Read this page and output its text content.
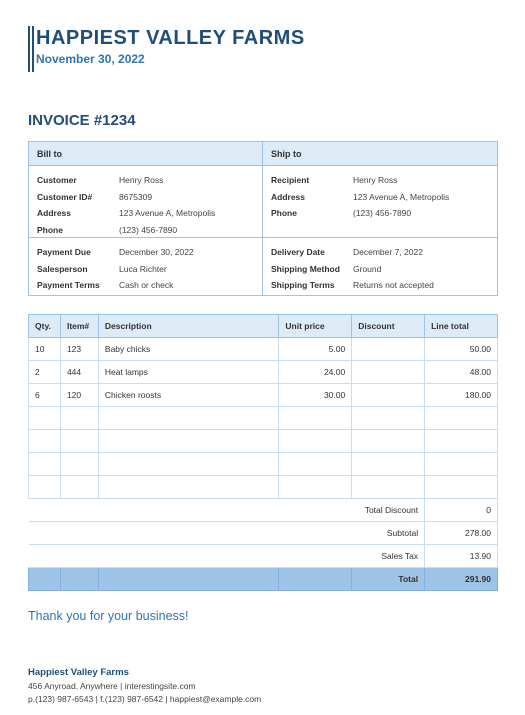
HAPPIEST VALLEY FARMS
November 30, 2022
INVOICE #1234
Bill to	Ship to
Customer	Henry Ross
Customer ID#	8675309
Address	123 Avenue A, Metropolis
Phone	(123) 456-7890
Payment Due	December 30, 2022
Salesperson	Luca Richter
Payment Terms	Cash or check
Recipient	Henry Ross
Address	123 Avenue A, Metropolis
Phone	(123) 456-7890
Delivery Date	December 7, 2022
Shipping Method	Ground
Shipping Terms	Returns not accepted
Qty.	Item#	Description	Unit price	Discount	Line total
10	123	Baby chicks	5.00		50.00
2	444	Heat lamps	24.00		48.00
6	120	Chicken roosts	30.00		180.00

Total Discount					0
Subtotal					278.00
Sales Tax					13.90
				Total	291.90
Thank you for your business!
Happiest Valley Farms
456 Anyroad, Anywhere | interestingsite.com
p.(123) 987-6543 | f.(123) 987-6542 | happiest@example.com
